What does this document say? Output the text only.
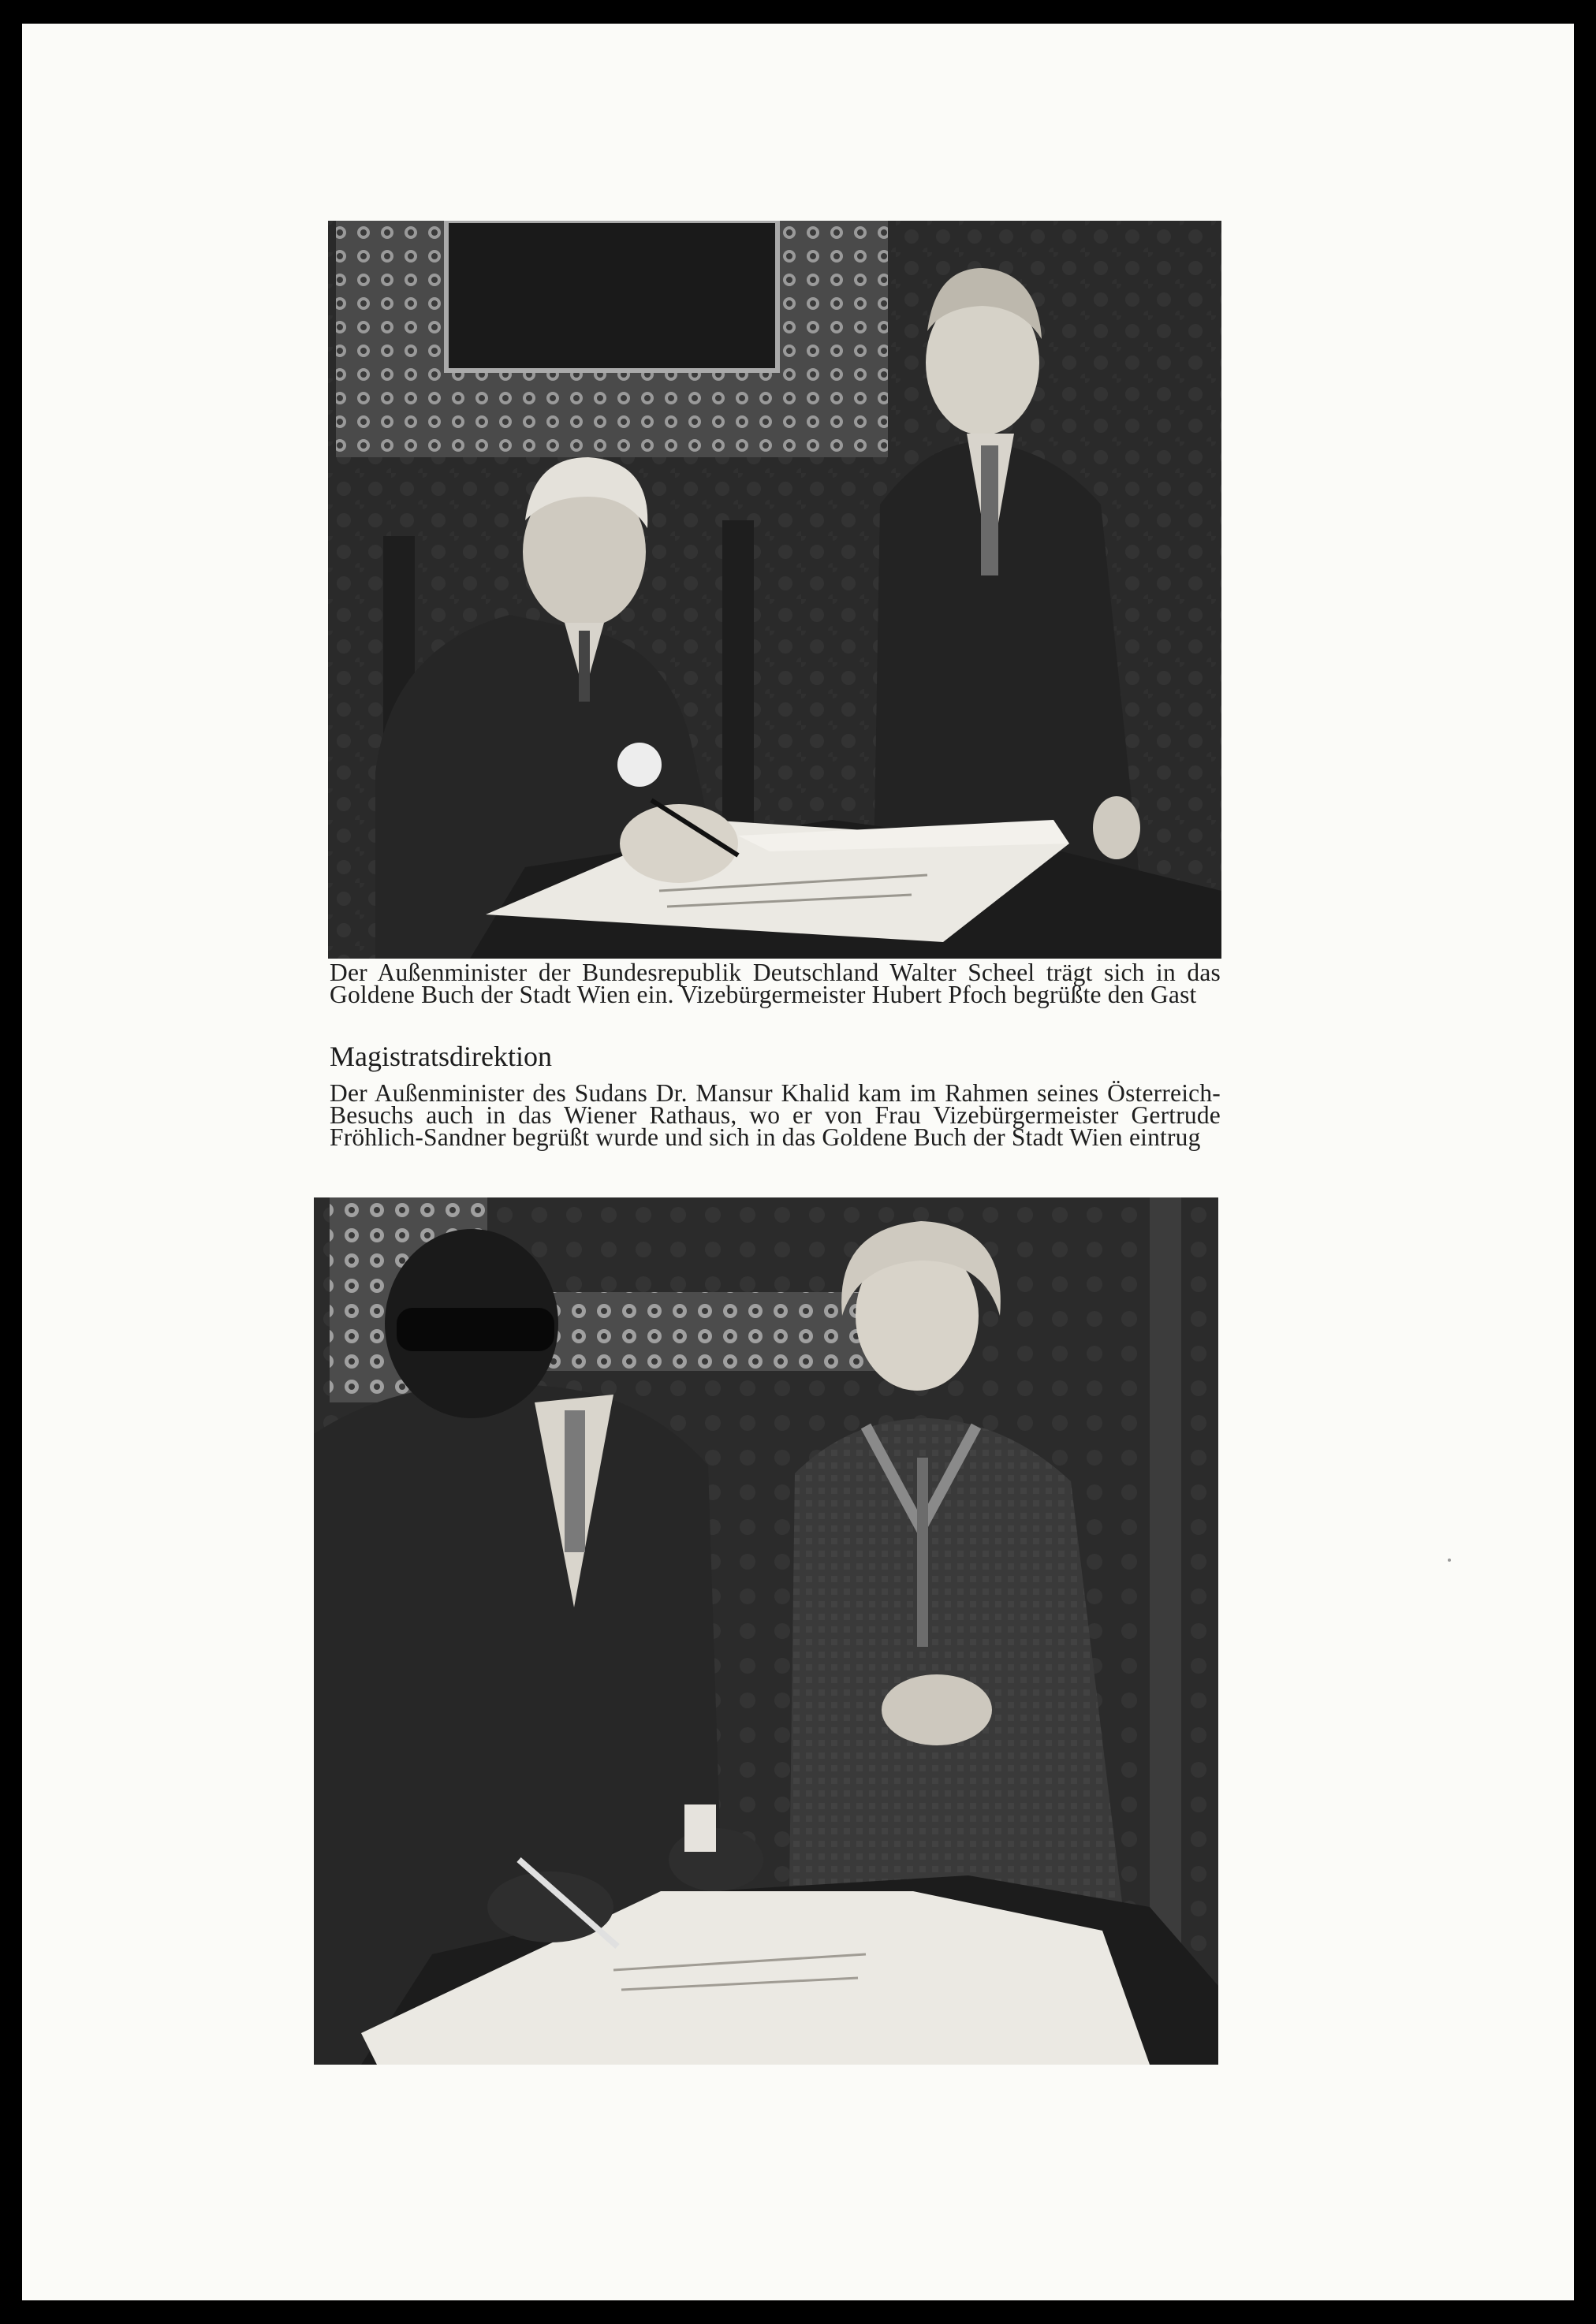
Der Außenminister der Bundesrepublik Deutschland Walter Scheel trägt sich in das Goldene Buch der Stadt Wien ein. Vizebürgermeister Hubert Pfoch begrüßte den Gast
Magistratsdirektion
Der Außenminister des Sudans Dr. Mansur Khalid kam im Rahmen seines Österreich-Besuchs auch in das Wiener Rathaus, wo er von Frau Vizebürgermeister Gertrude Fröhlich-Sandner begrüßt wurde und sich in das Goldene Buch der Stadt Wien eintrug
